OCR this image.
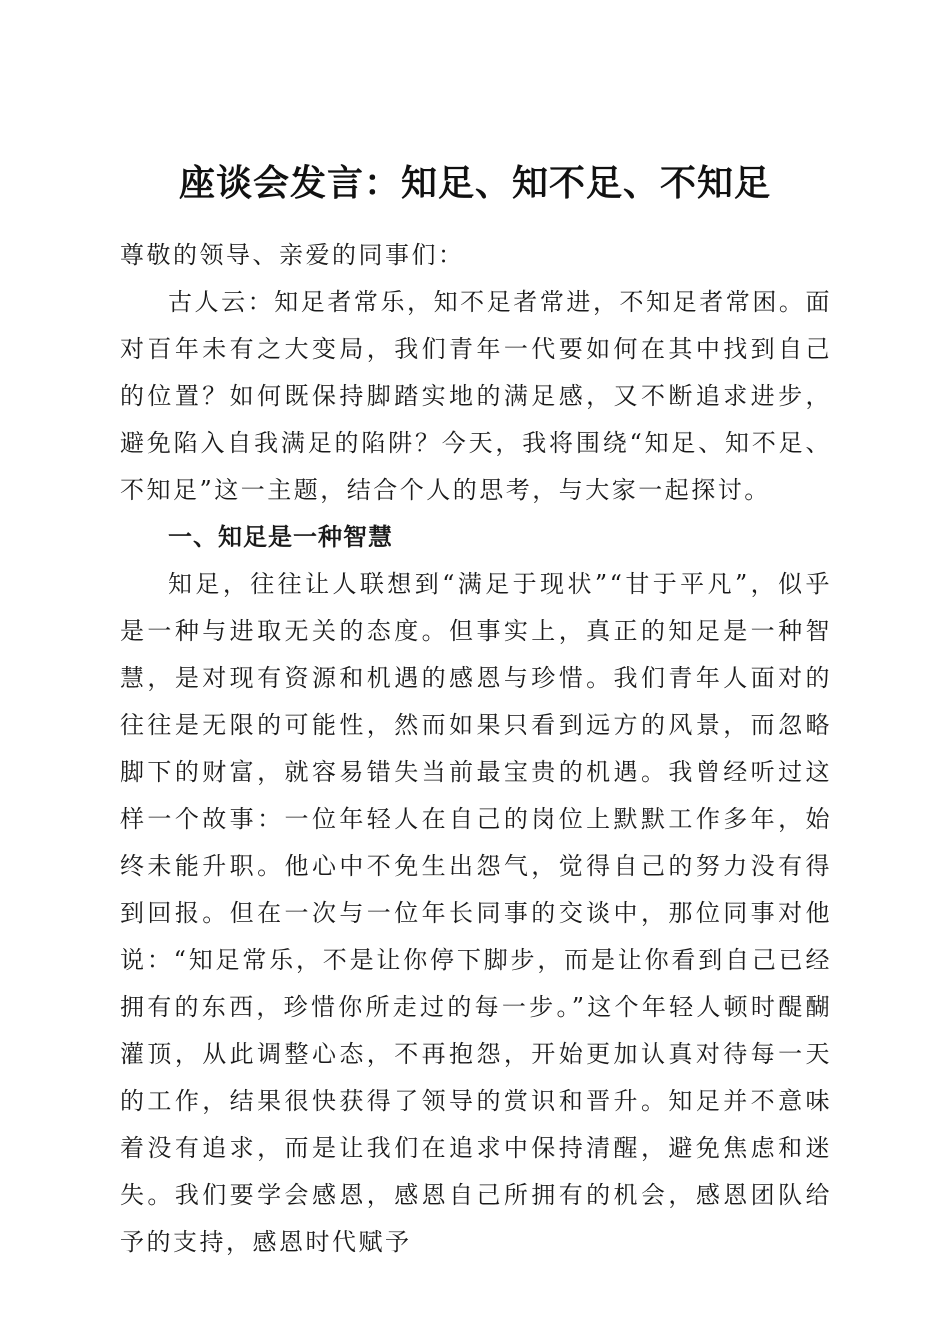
座谈会发言：知足、知不足、不知足

尊敬的领导、亲爱的同事们：

古人云：知足者常乐，知不足者常进，不知足者常困。面对百年未有之大变局，我们青年一代要如何在其中找到自己的位置？如何既保持脚踏实地的满足感，又不断追求进步，避免陷入自我满足的陷阱？今天，我将围绕“知足、知不足、不知足”这一主题，结合个人的思考，与大家一起探讨。

一、知足是一种智慧

知足，往往让人联想到“满足于现状”“甘于平凡”，似乎是一种与进取无关的态度。但事实上，真正的知足是一种智慧，是对现有资源和机遇的感恩与珍惜。我们青年人面对的往往是无限的可能性，然而如果只看到远方的风景，而忽略脚下的财富，就容易错失当前最宝贵的机遇。我曾经听过这样一个故事：一位年轻人在自己的岗位上默默工作多年，始终未能升职。他心中不免生出怨气，觉得自己的努力没有得到回报。但在一次与一位年长同事的交谈中，那位同事对他说：“知足常乐，不是让你停下脚步，而是让你看到自己已经拥有的东西，珍惜你所走过的每一步。”这个年轻人顿时醍醐灌顶，从此调整心态，不再抱怨，开始更加认真对待每一天的工作，结果很快获得了领导的赏识和晋升。知足并不意味着没有追求，而是让我们在追求中保持清醒，避免焦虑和迷失。我们要学会感恩，感恩自己所拥有的机会，感恩团队给予的支持，感恩时代赋予
